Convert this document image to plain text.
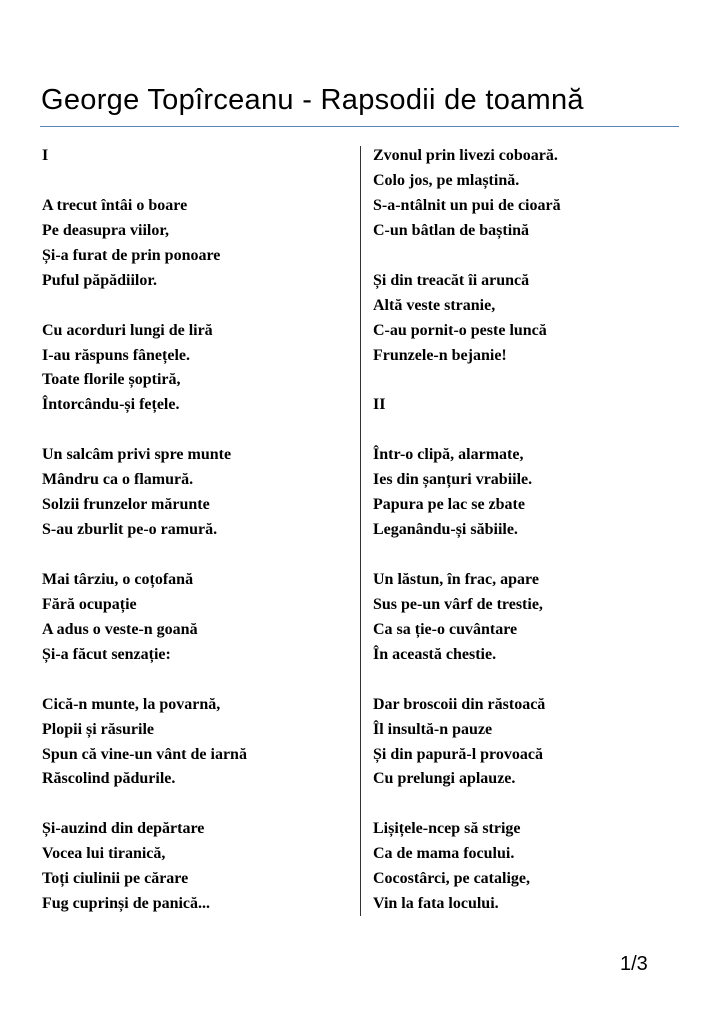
George Topîrceanu - Rapsodii de toamnă
I
A trecut întâi o boare
Pe deasupra viilor,
Și-a furat de prin ponoare
Puful păpădiilor.
Cu acorduri lungi de liră
I-au răspuns fânețele.
Toate florile șoptiră,
Întorcându-și fețele.
Un salcâm privi spre munte
Mândru ca o flamură.
Solzii frunzelor mărunte
S-au zburlit pe-o ramură.
Mai târziu, o coțofană
Fără ocupație
A adus o veste-n goană
Și-a făcut senzație:
Cică-n munte, la povarnă,
Plopii și răsurile
Spun că vine-un vânt de iarnă
Răscolind pădurile.
Și-auzind din depărtare
Vocea lui tiranică,
Toți ciulinii pe cărare
Fug cuprinși de panică...
Zvonul prin livezi coboară.
Colo jos, pe mlaștină.
S-a-ntâlnit un pui de cioară
C-un bâtlan de baștină
Și din treacăt îi aruncă
Altă veste stranie,
C-au pornit-o peste luncă
Frunzele-n bejanie!
II
Într-o clipă, alarmate,
Ies din șanțuri vrabiile.
Papura pe lac se zbate
Leganându-și săbiile.
Un lăstun, în frac, apare
Sus pe-un vârf de trestie,
Ca sa ție-o cuvântare
În această chestie.
Dar broscoii din răstoacă
Îl insultă-n pauze
Și din papură-l provoacă
Cu prelungi aplauze.
Lișițele-ncep să strige
Ca de mama focului.
Cocostârci, pe catalige,
Vin la fata locului.
1/3
